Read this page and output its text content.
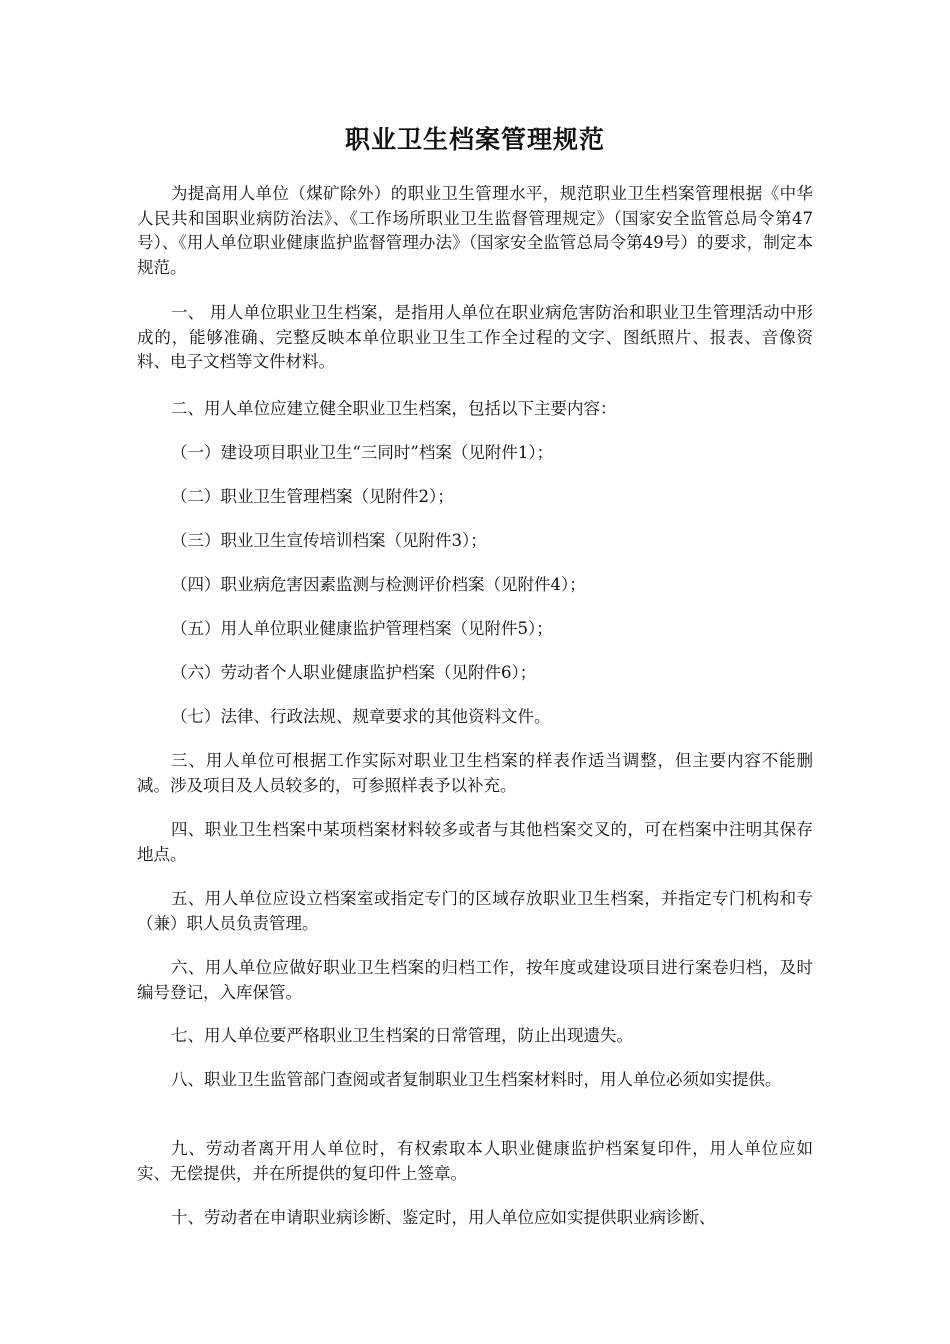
职业卫生档案管理规范

为提高用人单位（煤矿除外）的职业卫生管理水平，规范职业卫生档案管理根据《中华人民共和国职业病防治法》、《工作场所职业卫生监督管理规定》（国家安全监管总局令第47号）、《用人单位职业健康监护监督管理办法》（国家安全监管总局令第49号）的要求，制定本规范。

一、 用人单位职业卫生档案，是指用人单位在职业病危害防治和职业卫生管理活动中形成的，能够准确、完整反映本单位职业卫生工作全过程的文字、图纸照片、报表、音像资料、电子文档等文件材料。

二、用人单位应建立健全职业卫生档案，包括以下主要内容：

（一）建设项目职业卫生“三同时”档案（见附件1）；

（二）职业卫生管理档案（见附件2）；

（三）职业卫生宣传培训档案（见附件3）；

（四）职业病危害因素监测与检测评价档案（见附件4）；

（五）用人单位职业健康监护管理档案（见附件5）；

（六）劳动者个人职业健康监护档案（见附件6）；

（七）法律、行政法规、规章要求的其他资料文件。

三、用人单位可根据工作实际对职业卫生档案的样表作适当调整，但主要内容不能删减。涉及项目及人员较多的，可参照样表予以补充。

四、职业卫生档案中某项档案材料较多或者与其他档案交叉的，可在档案中注明其保存地点。

五、用人单位应设立档案室或指定专门的区域存放职业卫生档案，并指定专门机构和专（兼）职人员负责管理。

六、用人单位应做好职业卫生档案的归档工作，按年度或建设项目进行案卷归档，及时编号登记，入库保管。

七、用人单位要严格职业卫生档案的日常管理，防止出现遗失。

八、职业卫生监管部门查阅或者复制职业卫生档案材料时，用人单位必须如实提供。

九、劳动者离开用人单位时，有权索取本人职业健康监护档案复印件，用人单位应如实、无偿提供，并在所提供的复印件上签章。

十、劳动者在申请职业病诊断、鉴定时，用人单位应如实提供职业病诊断、
